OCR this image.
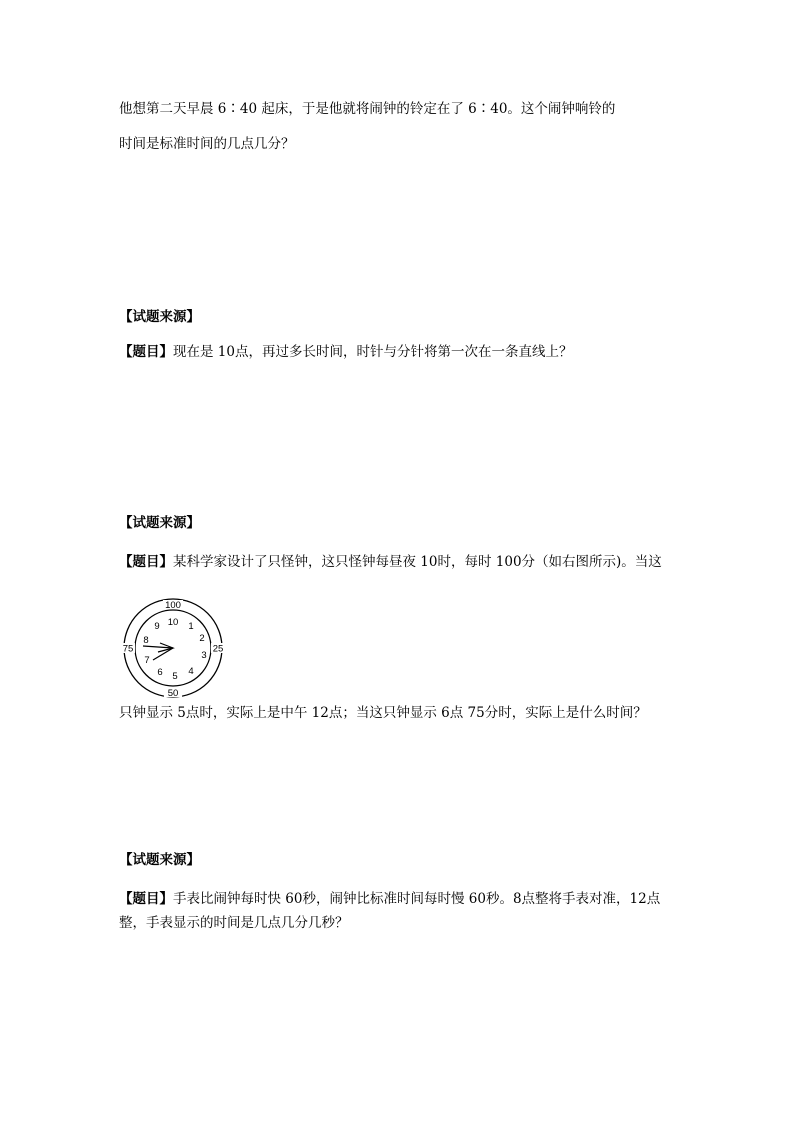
他想第二天早晨 6∶40 起床，于是他就将闹钟的铃定在了 6∶40。这个闹钟响铃的
时间是标准时间的几点几分？
【试题来源】
【题目】现在是 10点，再过多长时间，时针与分针将第一次在一条直线上？
【试题来源】
【题目】某科学家设计了只怪钟，这只怪钟每昼夜 10时，每时 100分（如右图所示)。当这
100
25
50
75
10 1
2
3
4
5
6
7
8
9
只钟显示 5点时，实际上是中午 12点；当这只钟显示 6点 75分时，实际上是什么时间？
【试题来源】
【题目】手表比闹钟每时快 60秒，闹钟比标准时间每时慢 60秒。8点整将手表对准，12点
整，手表显示的时间是几点几分几秒？
